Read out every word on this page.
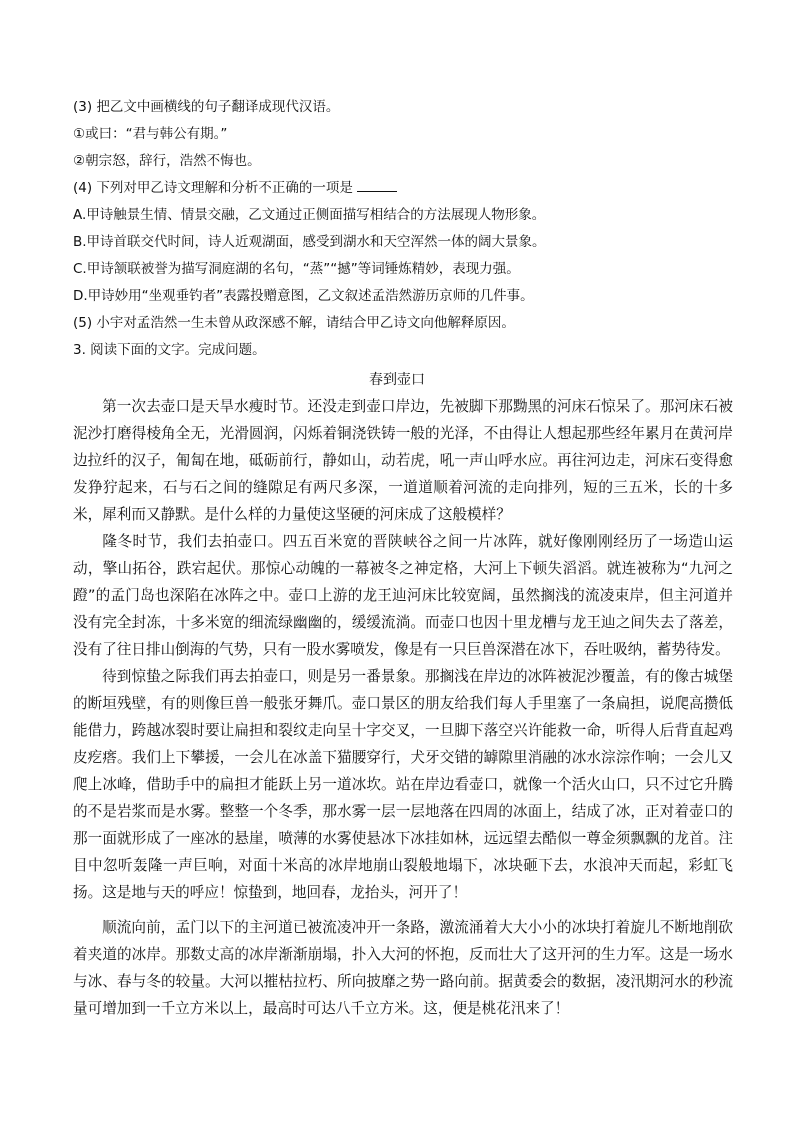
(3) 把乙文中画横线的句子翻译成现代汉语。
①或曰：“君与韩公有期。”
②朝宗怒，辞行，浩然不悔也。
(4) 下列对甲乙诗文理解和分析不正确的一项是
A.甲诗触景生情、情景交融，乙文通过正侧面描写相结合的方法展现人物形象。
B.甲诗首联交代时间，诗人近观湖面，感受到湖水和天空浑然一体的阔大景象。
C.甲诗颔联被誉为描写洞庭湖的名句，“蒸”“撼”等词锤炼精妙，表现力强。
D.甲诗妙用“坐观垂钓者”表露投赠意图，乙文叙述孟浩然游历京师的几件事。
(5) 小宇对孟浩然一生未曾从政深感不解，请结合甲乙诗文向他解释原因。
3. 阅读下面的文字。完成问题。
春到壶口
第一次去壶口是天旱水瘦时节。还没走到壶口岸边，先被脚下那黝黑的河床石惊呆了。那河床石被泥沙打磨得棱角全无，光滑圆润，闪烁着铜浇铁铸一般的光泽，不由得让人想起那些经年累月在黄河岸边拉纤的汉子，匍匐在地，砥砺前行，静如山，动若虎，吼一声山呼水应。再往河边走，河床石变得愈发狰狞起来，石与石之间的缝隙足有两尺多深，一道道顺着河流的走向排列，短的三五米，长的十多米，犀利而又静默。是什么样的力量使这坚硬的河床成了这般模样？
隆冬时节，我们去拍壶口。四五百米宽的晋陕峡谷之间一片冰阵，就好像刚刚经历了一场造山运动，擎山拓谷，跌宕起伏。那惊心动魄的一幕被冬之神定格，大河上下顿失滔滔。就连被称为“九河之蹬”的孟门岛也深陷在冰阵之中。壶口上游的龙王辿河床比较宽阔，虽然搁浅的流凌束岸，但主河道并没有完全封冻，十多米宽的细流绿幽幽的，缓缓流淌。而壶口也因十里龙槽与龙王辿之间失去了落差，没有了往日排山倒海的气势，只有一股水雾喷发，像是有一只巨兽深潜在冰下，吞吐吸纳，蓄势待发。
待到惊蛰之际我们再去拍壶口，则是另一番景象。那搁浅在岸边的冰阵被泥沙覆盖，有的像古城堡的断垣残壁，有的则像巨兽一般张牙舞爪。壶口景区的朋友给我们每人手里塞了一条扁担，说爬高攒低能借力，跨越冰裂时要让扁担和裂纹走向呈十字交叉，一旦脚下落空兴许能救一命，听得人后背直起鸡皮疙瘩。我们上下攀援，一会儿在冰盖下猫腰穿行，犬牙交错的罅隙里消融的冰水淙淙作响；一会儿又爬上冰峰，借助手中的扁担才能跃上另一道冰坎。站在岸边看壶口，就像一个活火山口，只不过它升腾的不是岩浆而是水雾。整整一个冬季，那水雾一层一层地落在四周的冰面上，结成了冰，正对着壶口的那一面就形成了一座冰的悬崖，喷薄的水雾使悬冰下冰挂如林，远远望去酷似一尊金须飘飘的龙首。注目中忽听轰隆一声巨响，对面十米高的冰岸地崩山裂般地塌下，冰块砸下去，水浪冲天而起，彩虹飞扬。这是地与天的呼应！惊蛰到，地回春，龙抬头，河开了！
顺流向前，孟门以下的主河道已被流凌冲开一条路，激流涌着大大小小的冰块打着旋儿不断地削砍着夹道的冰岸。那数丈高的冰岸渐渐崩塌，扑入大河的怀抱，反而壮大了这开河的生力军。这是一场水与冰、春与冬的较量。大河以摧枯拉朽、所向披靡之势一路向前。据黄委会的数据，凌汛期河水的秒流量可增加到一千立方米以上，最高时可达八千立方米。这，便是桃花汛来了！
